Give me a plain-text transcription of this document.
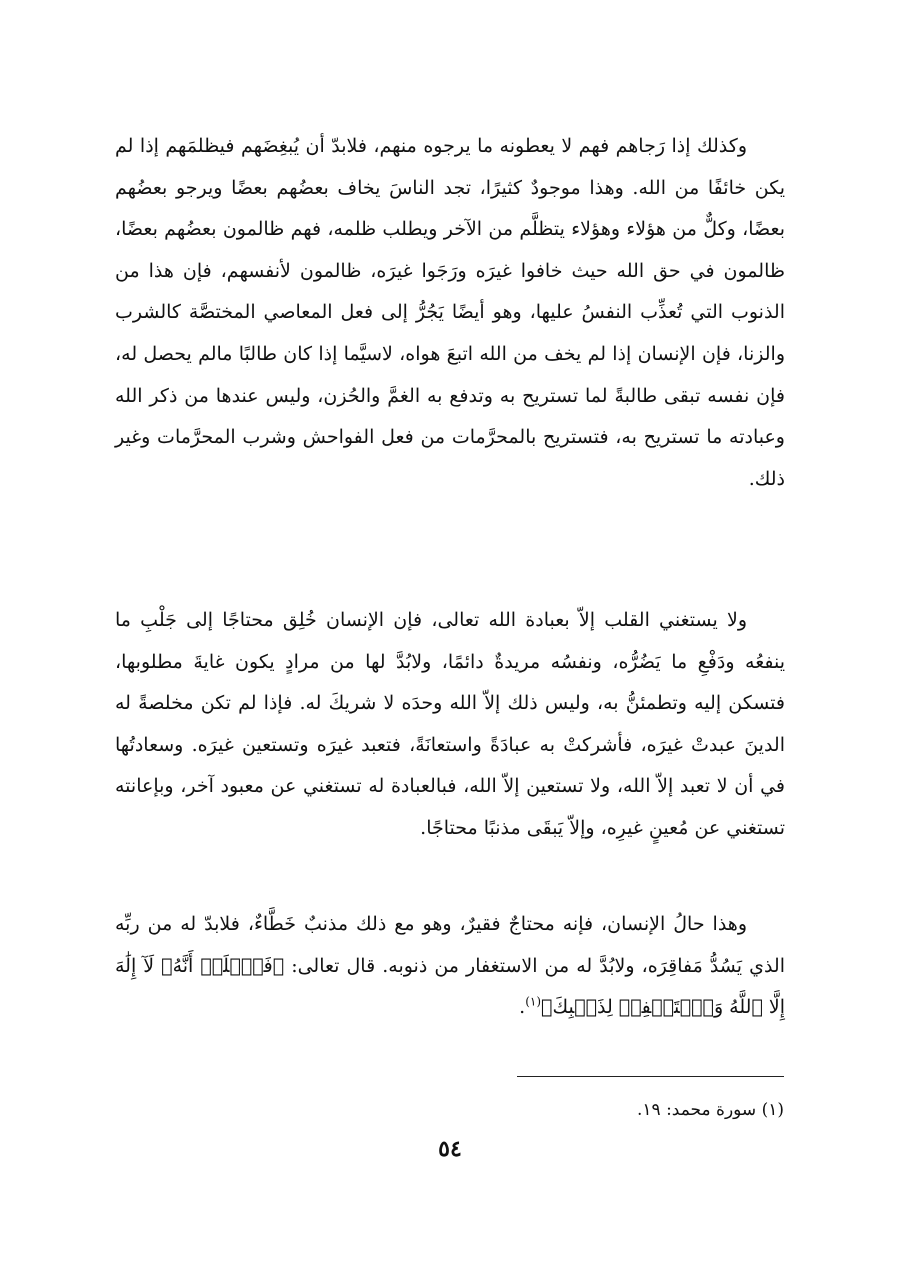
وكذلك إذا رَجاهم فهم لا يعطونه ما يرجوه منهم، فلابدّ أن يُبغِضَهم فيظلمَهم إذا لم يكن خائفًا من الله. وهذا موجودٌ كثيرًا، تجد الناسَ يخاف بعضُهم بعضًا ويرجو بعضُهم بعضًا، وكلٌّ من هؤلاء وهؤلاء يتظلَّم من الآخر ويطلب ظلمه، فهم ظالمون بعضُهم بعضًا، ظالمون في حق الله حيث خافوا غيرَه ورَجَوا غيرَه، ظالمون لأنفسهم، فإن هذا من الذنوب التي تُعذِّب النفسُ عليها، وهو أيضًا يَجُرُّ إلى فعل المعاصي المختصَّة كالشرب والزنا، فإن الإنسان إذا لم يخف من الله اتبعَ هواه، لاسيَّما إذا كان طالبًا مالم يحصل له، فإن نفسه تبقى طالبةً لما تستريح به وتدفع به الغمَّ والحُزن، وليس عندها من ذكر الله وعبادته ما تستريح به، فتستريح بالمحرَّمات من فعل الفواحش وشرب المحرَّمات وغير ذلك.

ولا يستغني القلب إلاّ بعبادة الله تعالى، فإن الإنسان خُلِق محتاجًا إلى جَلْبِ ما ينفعُه ودَفْعِ ما يَضُرُّه، ونفسُه مريدةٌ دائمًا، ولابُدَّ لها من مرادٍ يكون غايةَ مطلوبها، فتسكن إليه وتطمئنُّ به، وليس ذلك إلاّ الله وحدَه لا شريكَ له. فإذا لم تكن مخلصةً له الدينَ عبدتْ غيرَه، فأشركتْ به عبادَةً واستعانَةً، فتعبد غيرَه وتستعين غيرَه. وسعادتُها في أن لا تعبد إلاّ الله، ولا تستعين إلاّ الله، فبالعبادة له تستغني عن معبود آخر، وبإعانته تستغني عن مُعينٍ غيرِه، وإلاّ يَبقَى مذنبًا محتاجًا.

وهذا حالُ الإنسان، فإنه محتاجٌ فقيرٌ، وهو مع ذلك مذنبٌ خَطَّاءٌ، فلابدّ له من ربِّه الذي يَسُدُّ مَفاقِرَه، ولابُدَّ له من الاستغفار من ذنوبه. قال تعالى: ﴿فَٱعۡلَمۡ أَنَّهُۥ لَآ إِلَٰهَ إِلَّا ٱللَّهُ وَٱسۡتَغۡفِرۡ لِذَنۢبِكَ﴾$^{(١)}$.

(١) سورة محمد: ١٩.
٥٤
